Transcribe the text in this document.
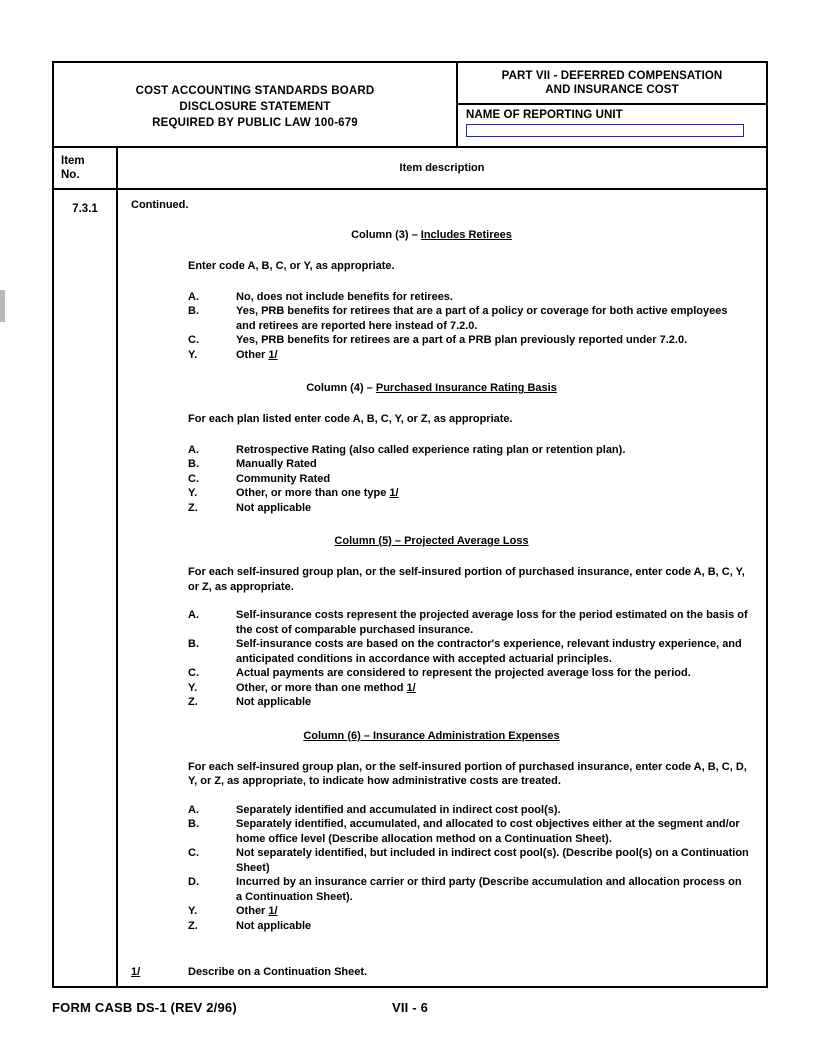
COST ACCOUNTING STANDARDS BOARD
DISCLOSURE STATEMENT
REQUIRED BY PUBLIC LAW 100-679
PART VII - DEFERRED COMPENSATION
AND INSURANCE COST
NAME OF REPORTING UNIT
Item
No.
Item description
7.3.1	Continued.

Column (3) – Includes Retirees

Enter code A, B, C, or Y, as appropriate.

A.	No, does not include benefits for retirees.
B.	Yes, PRB benefits for retirees that are a part of a policy or coverage for both active employees and retirees are reported here instead of 7.2.0.
C.	Yes, PRB benefits for retirees are a part of a PRB plan previously reported under 7.2.0.
Y.	Other 1/

Column (4) – Purchased Insurance Rating Basis

For each plan listed enter code A, B, C, Y, or Z, as appropriate.

A.	Retrospective Rating (also called experience rating plan or retention plan).
B.	Manually Rated
C.	Community Rated
Y.	Other, or more than one type 1/
Z.	Not applicable

Column (5) – Projected Average Loss

For each self-insured group plan, or the self-insured portion of purchased insurance, enter code A, B, C, Y, or Z, as appropriate.

A.	Self-insurance costs represent the projected average loss for the period estimated on the basis of the cost of comparable purchased insurance.
B.	Self-insurance costs are based on the contractor's experience, relevant industry experience, and anticipated conditions in accordance with accepted actuarial principles.
C.	Actual payments are considered to represent the projected average loss for the period.
Y.	Other, or more than one method 1/
Z.	Not applicable

Column (6) – Insurance Administration Expenses

For each self-insured group plan, or the self-insured portion of purchased insurance, enter code A, B, C, D, Y, or Z, as appropriate, to indicate how administrative costs are treated.

A.	Separately identified and accumulated in indirect cost pool(s).
B.	Separately identified, accumulated, and allocated to cost objectives either at the segment and/or home office level (Describe allocation method on a Continuation Sheet).
C.	Not separately identified, but included in indirect cost pool(s). (Describe pool(s) on a Continuation Sheet)
D.	Incurred by an insurance carrier or third party (Describe accumulation and allocation process on a Continuation Sheet).
Y.	Other 1/
Z.	Not applicable
1/	Describe on a Continuation Sheet.
FORM CASB DS-1 (REV 2/96)	VII - 6
